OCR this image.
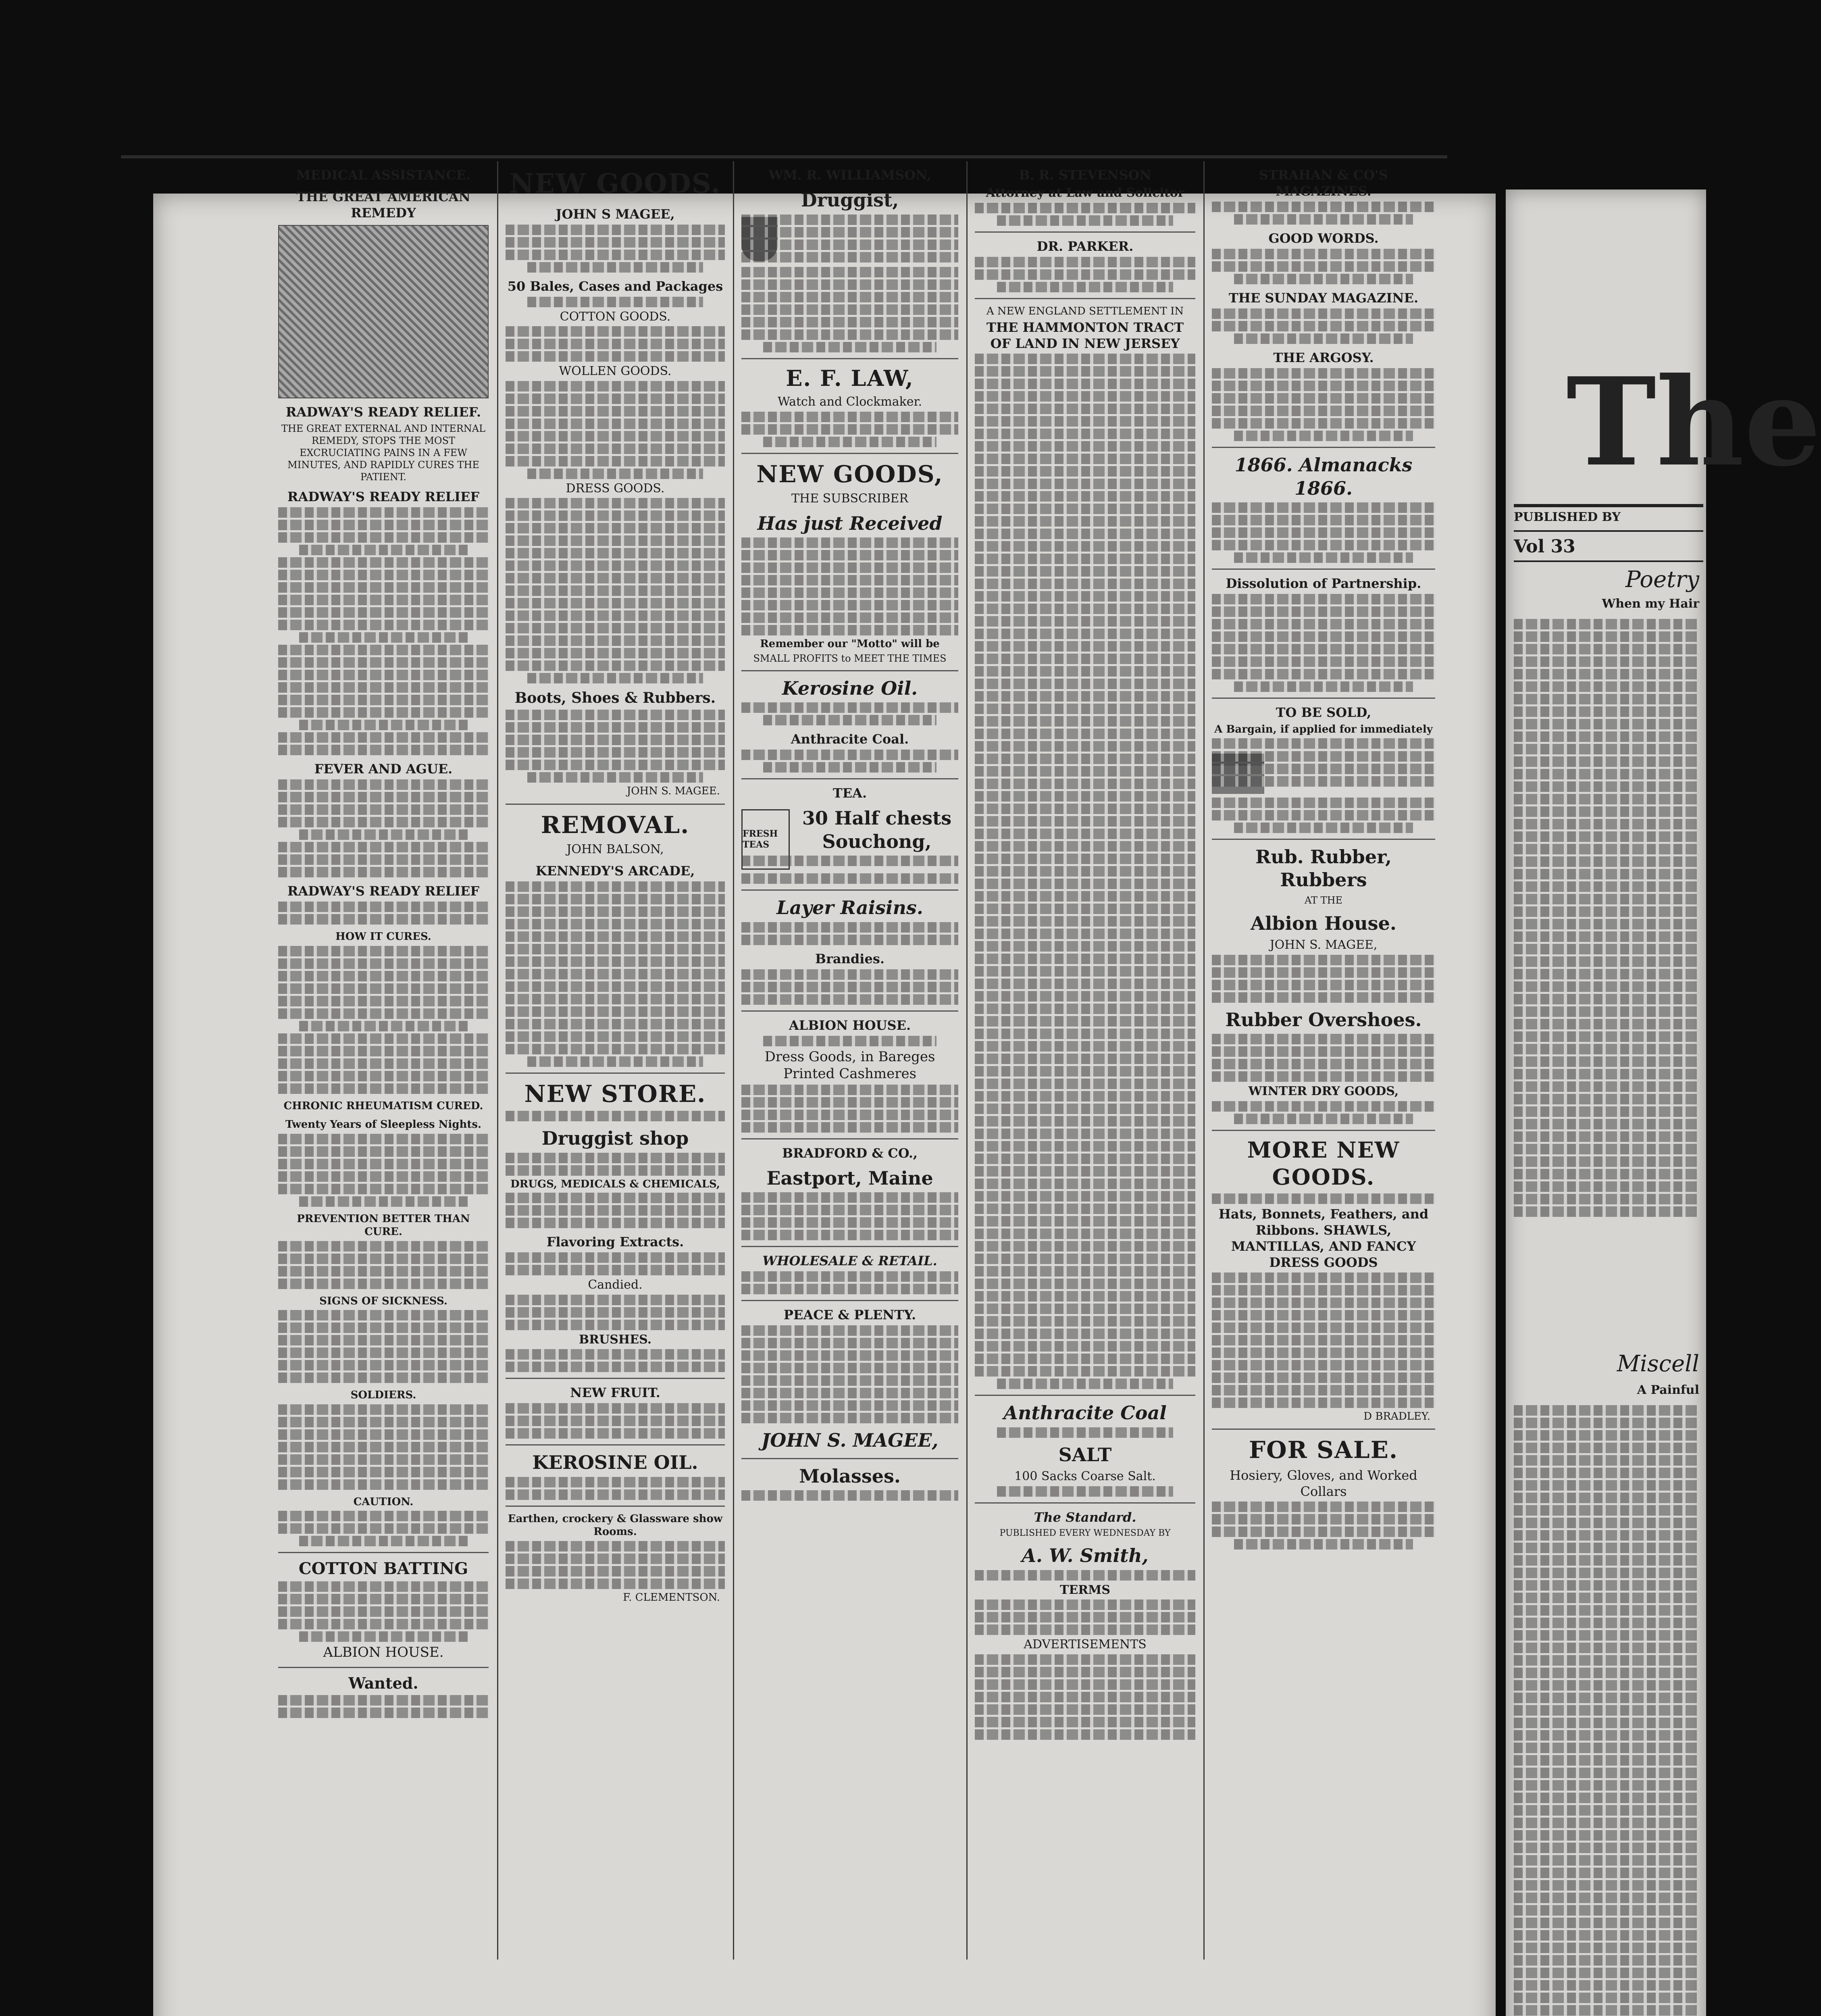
MEDICAL ASSISTANCE.
THE GREAT AMERICAN REMEDY
RADWAY'S READY RELIEF.
THE GREAT EXTERNAL AND INTERNAL REMEDY, STOPS THE MOST EXCRUCIATING PAINS IN A FEW MINUTES, AND RAPIDLY CURES THE PATIENT.
RADWAY'S READY RELIEF
FEVER AND AGUE.
RADWAY'S READY RELIEF
HOW IT CURES.
CHRONIC RHEUMATISM CURED.
Twenty Years of Sleepless Nights.
PREVENTION BETTER THAN CURE.
SIGNS OF SICKNESS.
SOLDIERS.
CAUTION.
COTTON BATTING
ALBION HOUSE.
Wanted.
NEW GOODS.
JOHN S MAGEE,
50 Bales, Cases and Packages
COTTON GOODS.
WOLLEN GOODS.
DRESS GOODS.
Boots, Shoes & Rubbers.
JOHN S. MAGEE.
REMOVAL.
JOHN BALSON,
KENNEDY'S ARCADE,
NEW STORE.
Druggist shop
DRUGS, MEDICALS & CHEMICALS,
Flavoring Extracts.
Candied.
BRUSHES.
NEW FRUIT.
KEROSINE OIL.
Earthen, crockery & Glassware show Rooms.
F. CLEMENTSON.
WM. R. WILLIAMSON,
Druggist,
E. F. LAW,
Watch and Clockmaker.
NEW GOODS,
THE SUBSCRIBER
Has just Received
Remember our "Motto" will be
SMALL PROFITS to MEET THE TIMES
Kerosine Oil.
Anthracite Coal.
TEA.
FRESH TEAS
30 Half chests Souchong,
Layer Raisins.
Brandies.
ALBION HOUSE.
Dress Goods, in Bareges Printed Cashmeres
BRADFORD & CO.,
Eastport, Maine
WHOLESALE & RETAIL.
PEACE & PLENTY.
JOHN S. MAGEE,
Molasses.
B. R. STEVENSON
Attorney at Law and Solicitor
DR. PARKER.
A NEW ENGLAND SETTLEMENT IN
THE HAMMONTON TRACT OF LAND IN NEW JERSEY
Anthracite Coal
SALT
100 Sacks Coarse Salt.
The Standard.
PUBLISHED EVERY WEDNESDAY BY
A. W. Smith,
TERMS
ADVERTISEMENTS
STRAHAN & CO'S MAGAZINES.
GOOD WORDS.
THE SUNDAY MAGAZINE.
THE ARGOSY.
1866. Almanacks 1866.
Dissolution of Partnership.
TO BE SOLD,
A Bargain, if applied for immediately
Rub. Rubber, Rubbers
AT THE
Albion House.
JOHN S. MAGEE,
Rubber Overshoes.
WINTER DRY GOODS,
MORE NEW GOODS.
Hats, Bonnets, Feathers, and Ribbons. SHAWLS, MANTILLAS, AND FANCY DRESS GOODS
D BRADLEY.
FOR SALE.
Hosiery, Gloves, and Worked Collars
The
PUBLISHED BY
Vol 33
Poetry
When my Hair
Miscell
A Painful
